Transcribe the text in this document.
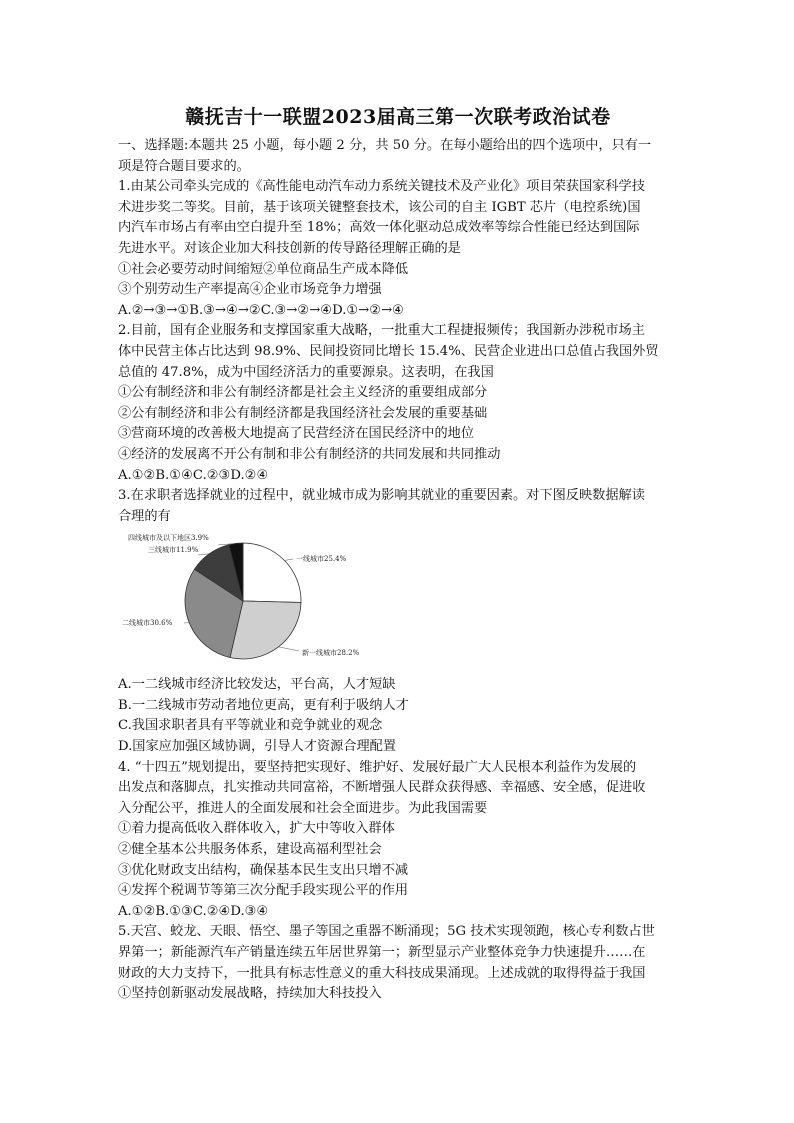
赣抚吉十一联盟2023届高三第一次联考政治试卷

一、选择题:本题共 25 小题，每小题 2 分，共 50 分。在每小题给出的四个选项中，只有一

项是符合题目要求的。

1.由某公司牵头完成的《高性能电动汽车动力系统关键技术及产业化》项目荣获国家科学技

术进步奖二等奖。目前，基于该项关键整套技术，该公司的自主 IGBT 芯片（电控系统)国

内汽车市场占有率由空白提升至 18%；高效一体化驱动总成效率等综合性能已经达到国际

先进水平。对该企业加大科技创新的传导路径理解正确的是

①社会必要劳动时间缩短②单位商品生产成本降低

③个别劳动生产率提高④企业市场竞争力增强

A.②→③→①B.③→④→②C.③→②→④D.①→②→④

2.目前，国有企业服务和支撑国家重大战略，一批重大工程捷报频传；我国新办涉税市场主

体中民营主体占比达到 98.9%、民间投资同比增长 15.4%、民营企业进出口总值占我国外贸

总值的 47.8%，成为中国经济活力的重要源泉。这表明，在我国

①公有制经济和非公有制经济都是社会主义经济的重要组成部分

②公有制经济和非公有制经济都是我国经济社会发展的重要基础

③营商环境的改善极大地提高了民营经济在国民经济中的地位

④经济的发展离不开公有制和非公有制经济的共同发展和共同推动

A.①②B.①④C.②③D.②④

3.在求职者选择就业的过程中，就业城市成为影响其就业的重要因素。对下图反映数据解读

合理的有

一线城市25.4%
新一线城市28.2%
二线城市30.6%
三线城市11.9%
四线城市及以下地区3.9%

A.一二线城市经济比较发达，平台高，人才短缺

B.一二线城市劳动者地位更高，更有利于吸纳人才

C.我国求职者具有平等就业和竞争就业的观念

D.国家应加强区域协调，引导人才资源合理配置

4. “十四五”规划提出，要坚持把实现好、维护好、发展好最广大人民根本利益作为发展的

出发点和落脚点，扎实推动共同富裕，不断增强人民群众获得感、幸福感、安全感，促进收

入分配公平，推进人的全面发展和社会全面进步。为此我国需要

①着力提高低收入群体收入，扩大中等收入群体

②健全基本公共服务体系，建设高福利型社会

③优化财政支出结构，确保基本民生支出只增不减

④发挥个税调节等第三次分配手段实现公平的作用

A.①②B.①③C.②④D.③④

5.天宫、蛟龙、天眼、悟空、墨子等国之重器不断涌现；5G 技术实现领跑，核心专利数占世

界第一；新能源汽车产销量连续五年居世界第一；新型显示产业整体竞争力快速提升……在

财政的大力支持下，一批具有标志性意义的重大科技成果涌现。上述成就的取得得益于我国

①坚持创新驱动发展战略，持续加大科技投入
